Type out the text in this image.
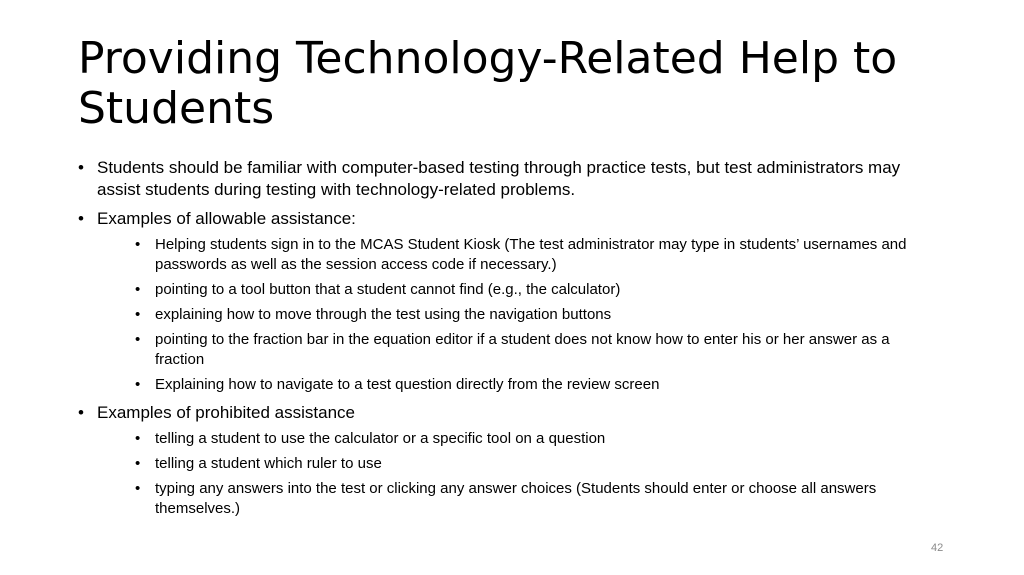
Providing Technology-Related Help to Students
• Students should be familiar with computer-based testing through practice tests, but test administrators may assist students during testing with technology-related problems.
• Examples of allowable assistance:
• Helping students sign in to the MCAS Student Kiosk (The test administrator may type in students’ usernames and passwords as well as the session access code if necessary.)
• pointing to a tool button that a student cannot find (e.g., the calculator)
• explaining how to move through the test using the navigation buttons
• pointing to the fraction bar in the equation editor if a student does not know how to enter his or her answer as a fraction
• Explaining how to navigate to a test question directly from the review screen
• Examples of prohibited assistance
• telling a student to use the calculator or a specific tool on a question
• telling a student which ruler to use
• typing any answers into the test or clicking any answer choices (Students should enter or choose all answers themselves.)
42
